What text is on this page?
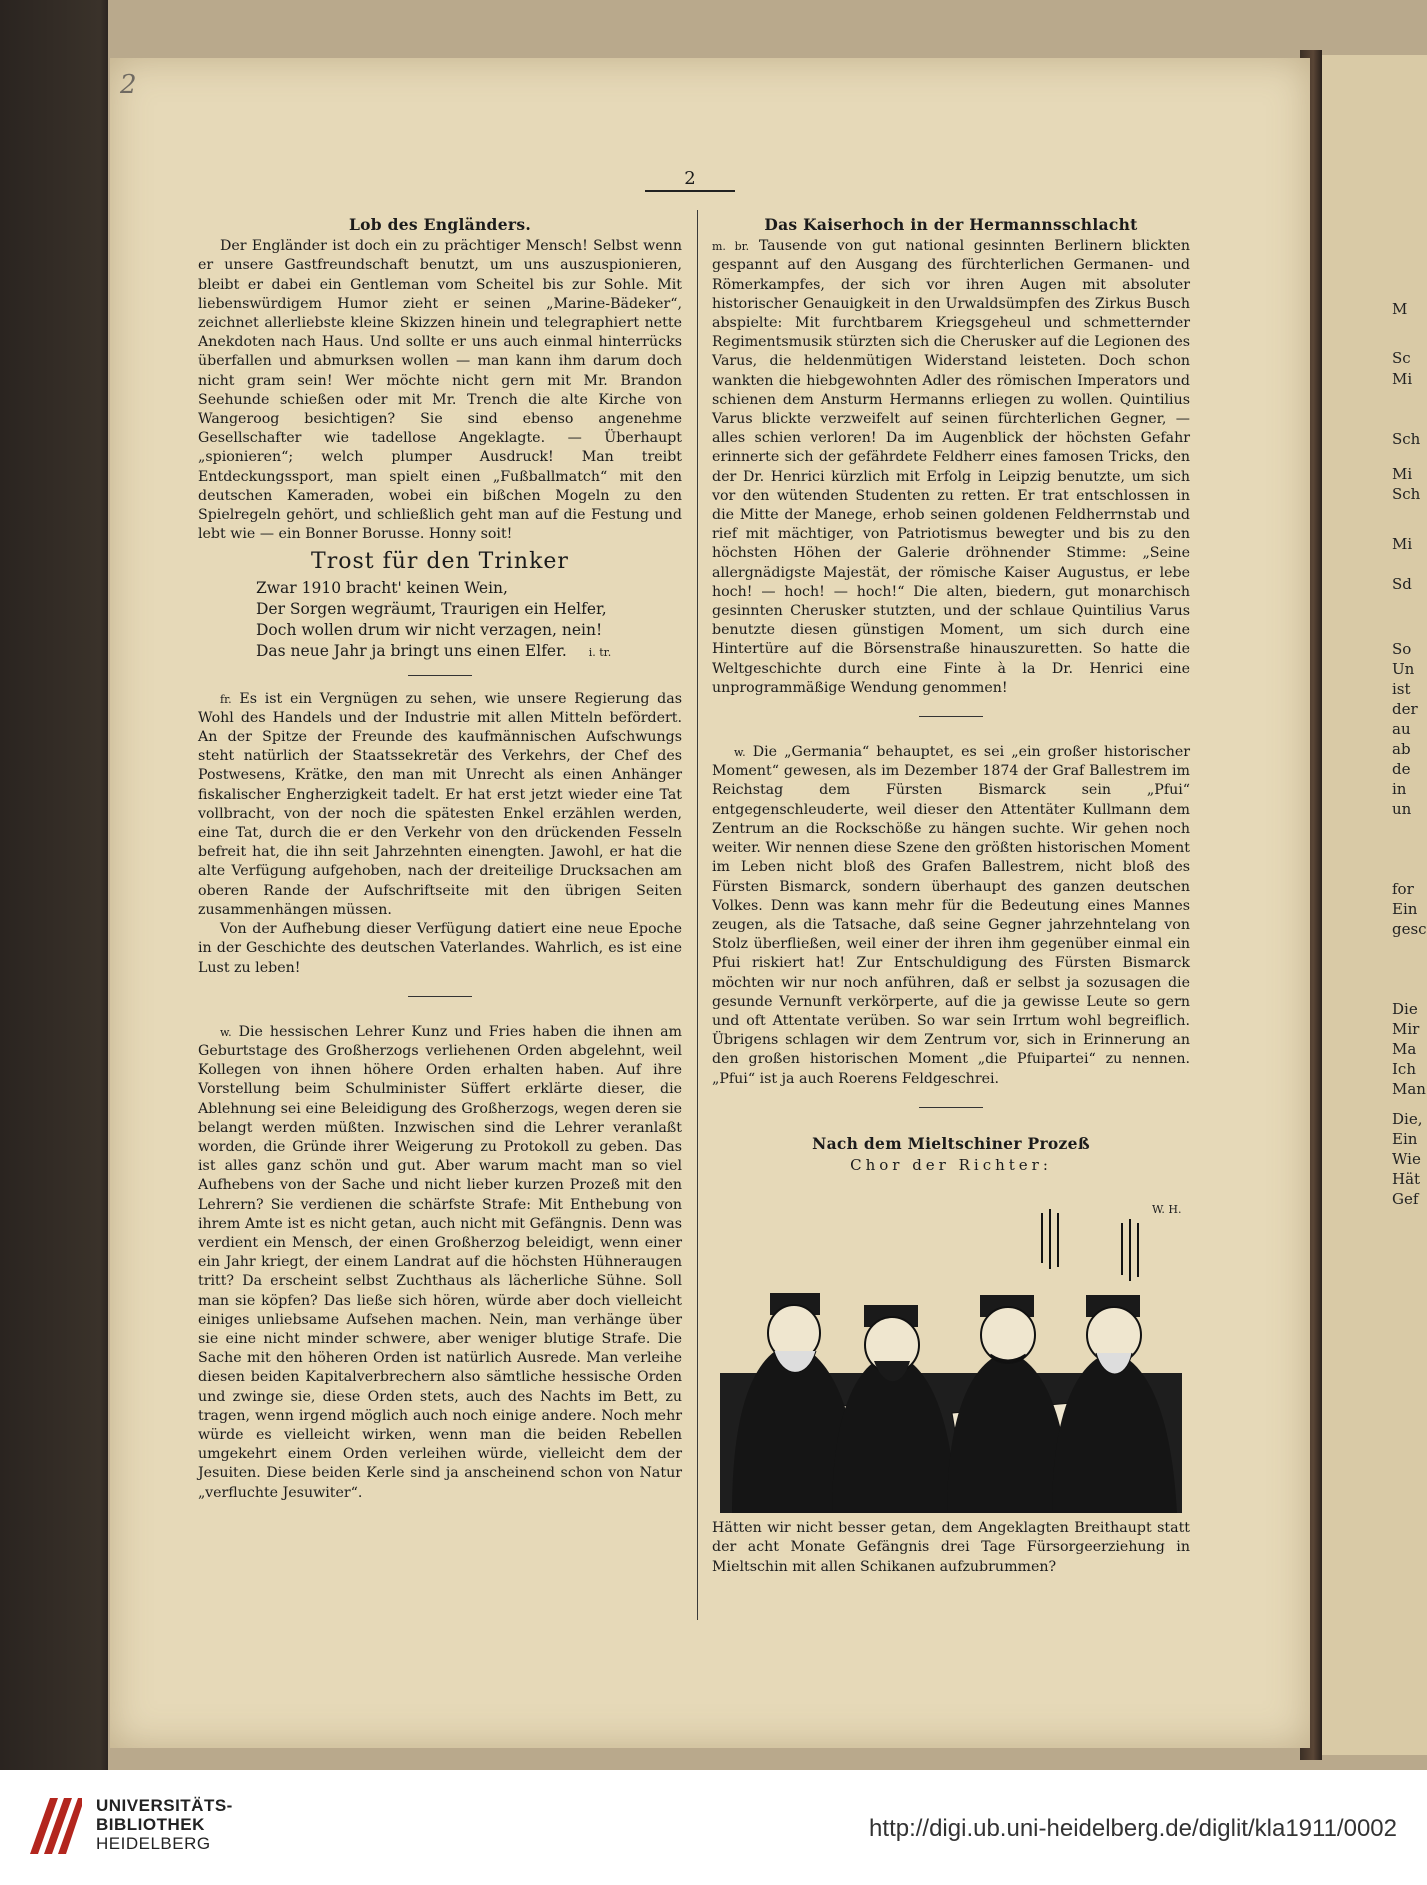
M
Sc
Mi
Sch
Mi
Sch
Mi
Sd
So
Un
ist
der
au
ab
de
in
un
for
Ein
gesc
Die
Mir
Ma
Ich
Man
Die,
Ein
Wie
Hät
Gef
2
2
Lob des Engländers.

Der Engländer ist doch ein zu prächtiger Mensch! Selbst wenn er unsere Gastfreundschaft benutzt, um uns auszuspionieren, bleibt er dabei ein Gentleman vom Scheitel bis zur Sohle. Mit liebenswürdigem Humor zieht er seinen „Marine-Bädeker“, zeichnet allerliebste kleine Skizzen hinein und telegraphiert nette Anekdoten nach Haus. Und sollte er uns auch einmal hinterrücks überfallen und abmurksen wollen — man kann ihm darum doch nicht gram sein! Wer möchte nicht gern mit Mr. Brandon Seehunde schießen oder mit Mr. Trench die alte Kirche von Wangeroog besichtigen? Sie sind ebenso angenehme Gesellschafter wie tadellose Angeklagte. — Überhaupt „spionieren“; welch plumper Ausdruck! Man treibt Entdeckungssport, man spielt einen „Fußballmatch“ mit den deutschen Kameraden, wobei ein bißchen Mogeln zu den Spielregeln gehört, und schließlich geht man auf die Festung und lebt wie — ein Bonner Borusse. Honny soit!

Trost für den Trinker
Zwar 1910 bracht' keinen Wein,
Der Sorgen wegräumt, Traurigen ein Helfer,
Doch wollen drum wir nicht verzagen, nein!
Das neue Jahr ja bringt uns einen Elfer. i. tr.

fr. Es ist ein Vergnügen zu sehen, wie unsere Regierung das Wohl des Handels und der Industrie mit allen Mitteln befördert. An der Spitze der Freunde des kaufmännischen Aufschwungs steht natürlich der Staatssekretär des Verkehrs, der Chef des Postwesens, Krätke, den man mit Unrecht als einen Anhänger fiskalischer Engherzigkeit tadelt. Er hat erst jetzt wieder eine Tat vollbracht, von der noch die spätesten Enkel erzählen werden, eine Tat, durch die er den Verkehr von den drückenden Fesseln befreit hat, die ihn seit Jahrzehnten einengten. Jawohl, er hat die alte Verfügung aufgehoben, nach der dreiteilige Drucksachen am oberen Rande der Aufschriftseite mit den übrigen Seiten zusammenhängen müssen.

Von der Aufhebung dieser Verfügung datiert eine neue Epoche in der Geschichte des deutschen Vaterlandes. Wahrlich, es ist eine Lust zu leben!

w. Die hessischen Lehrer Kunz und Fries haben die ihnen am Geburtstage des Großherzogs verliehenen Orden abgelehnt, weil Kollegen von ihnen höhere Orden erhalten haben. Auf ihre Vorstellung beim Schulminister Süffert erklärte dieser, die Ablehnung sei eine Beleidigung des Großherzogs, wegen deren sie belangt werden müßten. Inzwischen sind die Lehrer veranlaßt worden, die Gründe ihrer Weigerung zu Protokoll zu geben. Das ist alles ganz schön und gut. Aber warum macht man so viel Aufhebens von der Sache und nicht lieber kurzen Prozeß mit den Lehrern? Sie verdienen die schärfste Strafe: Mit Enthebung von ihrem Amte ist es nicht getan, auch nicht mit Gefängnis. Denn was verdient ein Mensch, der einen Großherzog beleidigt, wenn einer ein Jahr kriegt, der einem Landrat auf die höchsten Hühneraugen tritt? Da erscheint selbst Zuchthaus als lächerliche Sühne. Soll man sie köpfen? Das ließe sich hören, würde aber doch vielleicht einiges unliebsame Aufsehen machen. Nein, man verhänge über sie eine nicht minder schwere, aber weniger blutige Strafe. Die Sache mit den höheren Orden ist natürlich Ausrede. Man verleihe diesen beiden Kapitalverbrechern also sämtliche hessische Orden und zwinge sie, diese Orden stets, auch des Nachts im Bett, zu tragen, wenn irgend möglich auch noch einige andere. Noch mehr würde es vielleicht wirken, wenn man die beiden Rebellen umgekehrt einem Orden verleihen würde, vielleicht dem der Jesuiten. Diese beiden Kerle sind ja anscheinend schon von Natur „verfluchte Jesuwiter“.

Das Kaiserhoch in der Hermannsschlacht

m. br. Tausende von gut national gesinnten Berlinern blickten gespannt auf den Ausgang des fürchterlichen Germanen- und Römerkampfes, der sich vor ihren Augen mit absoluter historischer Genauigkeit in den Urwaldsümpfen des Zirkus Busch abspielte: Mit furchtbarem Kriegsgeheul und schmetternder Regimentsmusik stürzten sich die Cherusker auf die Legionen des Varus, die heldenmütigen Widerstand leisteten. Doch schon wankten die hiebgewohnten Adler des römischen Imperators und schienen dem Ansturm Hermanns erliegen zu wollen. Quintilius Varus blickte verzweifelt auf seinen fürchterlichen Gegner, — alles schien verloren! Da im Augenblick der höchsten Gefahr erinnerte sich der gefährdete Feldherr eines famosen Tricks, den der Dr. Henrici kürzlich mit Erfolg in Leipzig benutzte, um sich vor den wütenden Studenten zu retten. Er trat entschlossen in die Mitte der Manege, erhob seinen goldenen Feldherrnstab und rief mit mächtiger, von Patriotismus bewegter und bis zu den höchsten Höhen der Galerie dröhnender Stimme: „Seine allergnädigste Majestät, der römische Kaiser Augustus, er lebe hoch! — hoch! — hoch!“ Die alten, biedern, gut monarchisch gesinnten Cherusker stutzten, und der schlaue Quintilius Varus benutzte diesen günstigen Moment, um sich durch eine Hintertüre auf die Börsenstraße hinauszuretten. So hatte die Weltgeschichte durch eine Finte à la Dr. Henrici eine unprogrammäßige Wendung genommen!

w. Die „Germania“ behauptet, es sei „ein großer historischer Moment“ gewesen, als im Dezember 1874 der Graf Ballestrem im Reichstag dem Fürsten Bismarck sein „Pfui“ entgegenschleuderte, weil dieser den Attentäter Kullmann dem Zentrum an die Rockschöße zu hängen suchte. Wir gehen noch weiter. Wir nennen diese Szene den größten historischen Moment im Leben nicht bloß des Grafen Ballestrem, nicht bloß des Fürsten Bismarck, sondern überhaupt des ganzen deutschen Volkes. Denn was kann mehr für die Bedeutung eines Mannes zeugen, als die Tatsache, daß seine Gegner jahrzehntelang von Stolz überfließen, weil einer der ihren ihm gegenüber einmal ein Pfui riskiert hat! Zur Entschuldigung des Fürsten Bismarck möchten wir nur noch anführen, daß er selbst ja sozusagen die gesunde Vernunft verkörperte, auf die ja gewisse Leute so gern und oft Attentate verüben. So war sein Irrtum wohl begreiflich. Übrigens schlagen wir dem Zentrum vor, sich in Erinnerung an den großen historischen Moment „die Pfuipartei“ zu nennen. „Pfui“ ist ja auch Roerens Feldgeschrei.

Nach dem Mieltschiner Prozeß
Chor der Richter:
W. H.

Hätten wir nicht besser getan, dem Angeklagten Breithaupt statt der acht Monate Gefängnis drei Tage Fürsorgeerziehung in Mieltschin mit allen Schikanen aufzubrummen?

UNIVERSITÄTS-
BIBLIOTHEK
HEIDELBERG
http://digi.ub.uni-heidelberg.de/diglit/kla1911/0002
